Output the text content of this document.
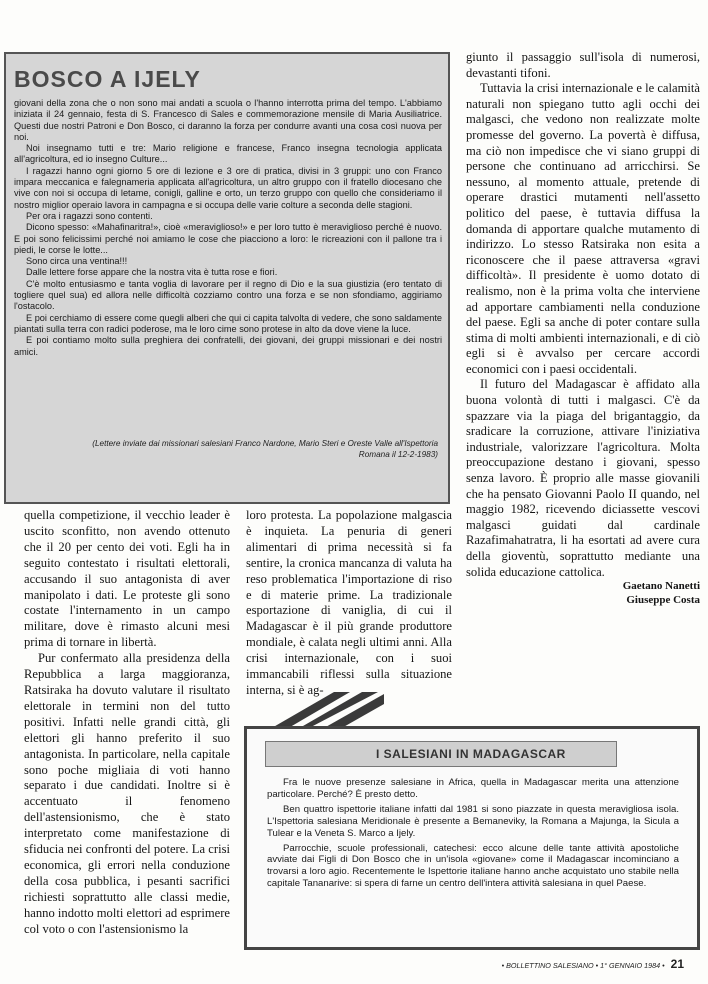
BOSCO A IJELY

giovani della zona che o non sono mai andati a scuola o l'hanno interrotta prima del tempo. L'abbiamo iniziata il 24 gennaio, festa di S. Francesco di Sales e commemorazione mensile di Maria Ausiliatrice. Questi due nostri Patroni e Don Bosco, ci daranno la forza per condurre avanti una cosa così nuova per noi.

Noi insegnamo tutti e tre: Mario religione e francese, Franco insegna tecnologia applicata all'agricoltura, ed io insegno Culture...

I ragazzi hanno ogni giorno 5 ore di lezione e 3 ore di pratica, divisi in 3 gruppi: uno con Franco impara meccanica e falegnameria applicata all'agricoltura, un altro gruppo con il fratello diocesano che vive con noi si occupa di letame, conigli, galline e orto, un terzo gruppo con quello che consideriamo il nostro miglior operaio lavora in campagna e si occupa delle varie colture a seconda delle stagioni.

Per ora i ragazzi sono contenti.

Dicono spesso: «Mahafinaritra!», cioè «meraviglioso!» e per loro tutto è meraviglioso perché è nuovo. E poi sono felicissimi perché noi amiamo le cose che piacciono a loro: le ricreazioni con il pallone tra i piedi, le corse le lotte...

Sono circa una ventina!!!

Dalle lettere forse appare che la nostra vita è tutta rose e fiori.

C'è molto entusiasmo e tanta voglia di lavorare per il regno di Dio e la sua giustizia (ero tentato di togliere quel sua) ed allora nelle difficoltà cozziamo contro una forza e se non sfondiamo, aggiriamo l'ostacolo.

E poi cerchiamo di essere come quegli alberi che qui ci capita talvolta di vedere, che sono saldamente piantati sulla terra con radici poderose, ma le loro cime sono protese in alto da dove viene la luce.

E poi contiamo molto sulla preghiera dei confratelli, dei giovani, dei gruppi missionari e dei nostri amici.

(Lettere inviate dai missionari salesiani Franco Nardone, Mario Steri e Oreste Valle all'Ispettoria Romana il 12-2-1983)

giunto il passaggio sull'isola di numerosi, devastanti tifoni.

Tuttavia la crisi internazionale e le calamità naturali non spiegano tutto agli occhi dei malgasci, che vedono non realizzate molte promesse del governo. La povertà è diffusa, ma ciò non impedisce che vi siano gruppi di persone che continuano ad arricchirsi. Se nessuno, al momento attuale, pretende di operare drastici mutamenti nell'assetto politico del paese, è tuttavia diffusa la domanda di apportare qualche mutamento di indirizzo. Lo stesso Ratsiraka non esita a riconoscere che il paese attraversa «gravi difficoltà». Il presidente è uomo dotato di realismo, non è la prima volta che interviene ad apportare cambiamenti nella conduzione del paese. Egli sa anche di poter contare sulla stima di molti ambienti internazionali, e di ciò egli si è avvalso per cercare accordi economici con i paesi occidentali.

Il futuro del Madagascar è affidato alla buona volontà di tutti i malgasci. C'è da spazzare via la piaga del brigantaggio, da sradicare la corruzione, attivare l'iniziativa industriale, valorizzare l'agricoltura. Molta preoccupazione destano i giovani, spesso senza lavoro. È proprio alle masse giovanili che ha pensato Giovanni Paolo II quando, nel maggio 1982, ricevendo diciassette vescovi malgasci guidati dal cardinale Razafimahatratra, li ha esortati ad avere cura della gioventù, soprattutto mediante una solida educazione cattolica.

Gaetano Nanetti
Giuseppe Costa

quella competizione, il vecchio leader è uscito sconfitto, non avendo ottenuto che il 20 per cento dei voti. Egli ha in seguito contestato i risultati elettorali, accusando il suo antagonista di aver manipolato i dati. Le proteste gli sono costate l'internamento in un campo militare, dove è rimasto alcuni mesi prima di tornare in libertà.

Pur confermato alla presidenza della Repubblica a larga maggioranza, Ratsiraka ha dovuto valutare il risultato elettorale in termini non del tutto positivi. Infatti nelle grandi città, gli elettori gli hanno preferito il suo antagonista. In particolare, nella capitale sono poche migliaia di voti hanno separato i due candidati. Inoltre si è accentuato il fenomeno dell'astensionismo, che è stato interpretato come manifestazione di sfiducia nei confronti del potere. La crisi economica, gli errori nella conduzione della cosa pubblica, i pesanti sacrifici richiesti soprattutto alle classi medie, hanno indotto molti elettori ad esprimere col voto o con l'astensionismo la

loro protesta. La popolazione malgascia è inquieta. La penuria di generi alimentari di prima necessità si fa sentire, la cronica mancanza di valuta ha reso problematica l'importazione di riso e di materie prime. La tradizionale esportazione di vaniglia, di cui il Madagascar è il più grande produttore mondiale, è calata negli ultimi anni. Alla crisi internazionale, con i suoi immancabili riflessi sulla situazione interna, si è ag-

I SALESIANI IN MADAGASCAR

Fra le nuove presenze salesiane in Africa, quella in Madagascar merita una attenzione particolare. Perché? È presto detto.

Ben quattro ispettorie italiane infatti dal 1981 si sono piazzate in questa meravigliosa isola. L'Ispettoria salesiana Meridionale è presente a Bemaneviky, la Romana a Majunga, la Sicula a Tulear e la Veneta S. Marco a Ijely.

Parrocchie, scuole professionali, catechesi: ecco alcune delle tante attività apostoliche avviate dai Figli di Don Bosco che in un'isola «giovane» come il Madagascar incominciano a trovarsi a loro agio. Recentemente le Ispettorie italiane hanno anche acquistato uno stabile nella capitale Tananarive: si spera di farne un centro dell'intera attività salesiana in quel Paese.

• BOLLETTINO SALESIANO • 1° GENNAIO 1984 • 21
